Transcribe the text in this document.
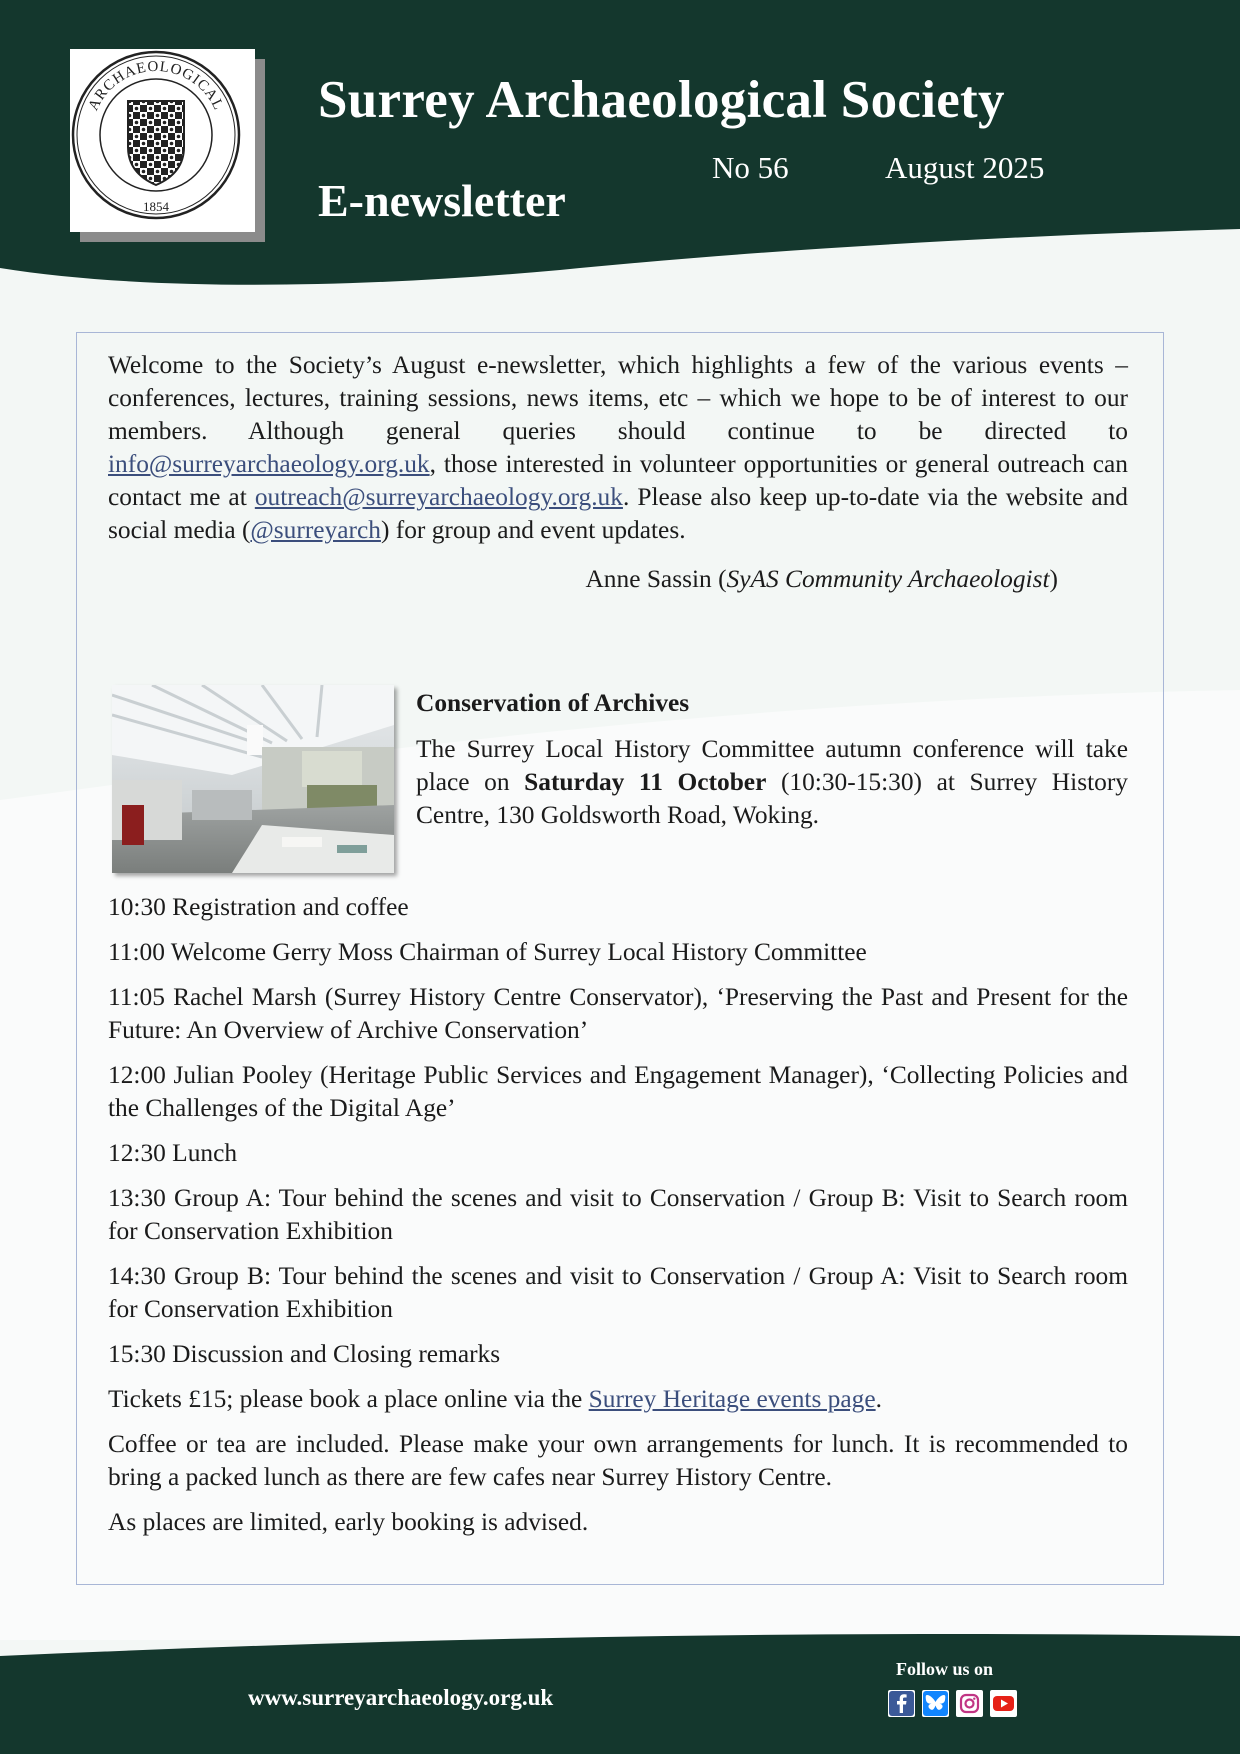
ARCHAEOLOGICAL
1854
Surrey Archaeological Society
E-newsletter
No 56	August 2025

Welcome to the Society’s August e-newsletter, which highlights a few of the various events – conferences, lectures, training sessions, news items, etc – which we hope to be of interest to our members. Although general queries should continue to be directed to info@surreyarchaeology.org.uk, those interested in volunteer opportunities or general outreach can contact me at outreach@surreyarchaeology.org.uk. Please also keep up-to-date via the website and social media (@surreyarch) for group and event updates.

Anne Sassin (SyAS Community Archaeologist)
Conservation of Archives

The Surrey Local History Committee autumn conference will take place on Saturday 11 October (10:30-15:30) at Surrey History Centre, 130 Goldsworth Road, Woking.

10:30 Registration and coffee

11:00 Welcome Gerry Moss Chairman of Surrey Local History Committee

11:05 Rachel Marsh (Surrey History Centre Conservator), ‘Preserving the Past and Present for the Future: An Overview of Archive Conservation’

12:00 Julian Pooley (Heritage Public Services and Engagement Manager), ‘Collecting Policies and the Challenges of the Digital Age’

12:30 Lunch

13:30 Group A: Tour behind the scenes and visit to Conservation / Group B: Visit to Search room for Conservation Exhibition

14:30 Group B: Tour behind the scenes and visit to Conservation / Group A: Visit to Search room for Conservation Exhibition

15:30 Discussion and Closing remarks

Tickets £15; please book a place online via the Surrey Heritage events page.

Coffee or tea are included. Please make your own arrangements for lunch. It is recommended to bring a packed lunch as there are few cafes near Surrey History Centre.

As places are limited, early booking is advised.

www.surreyarchaeology.org.uk
Follow us on
